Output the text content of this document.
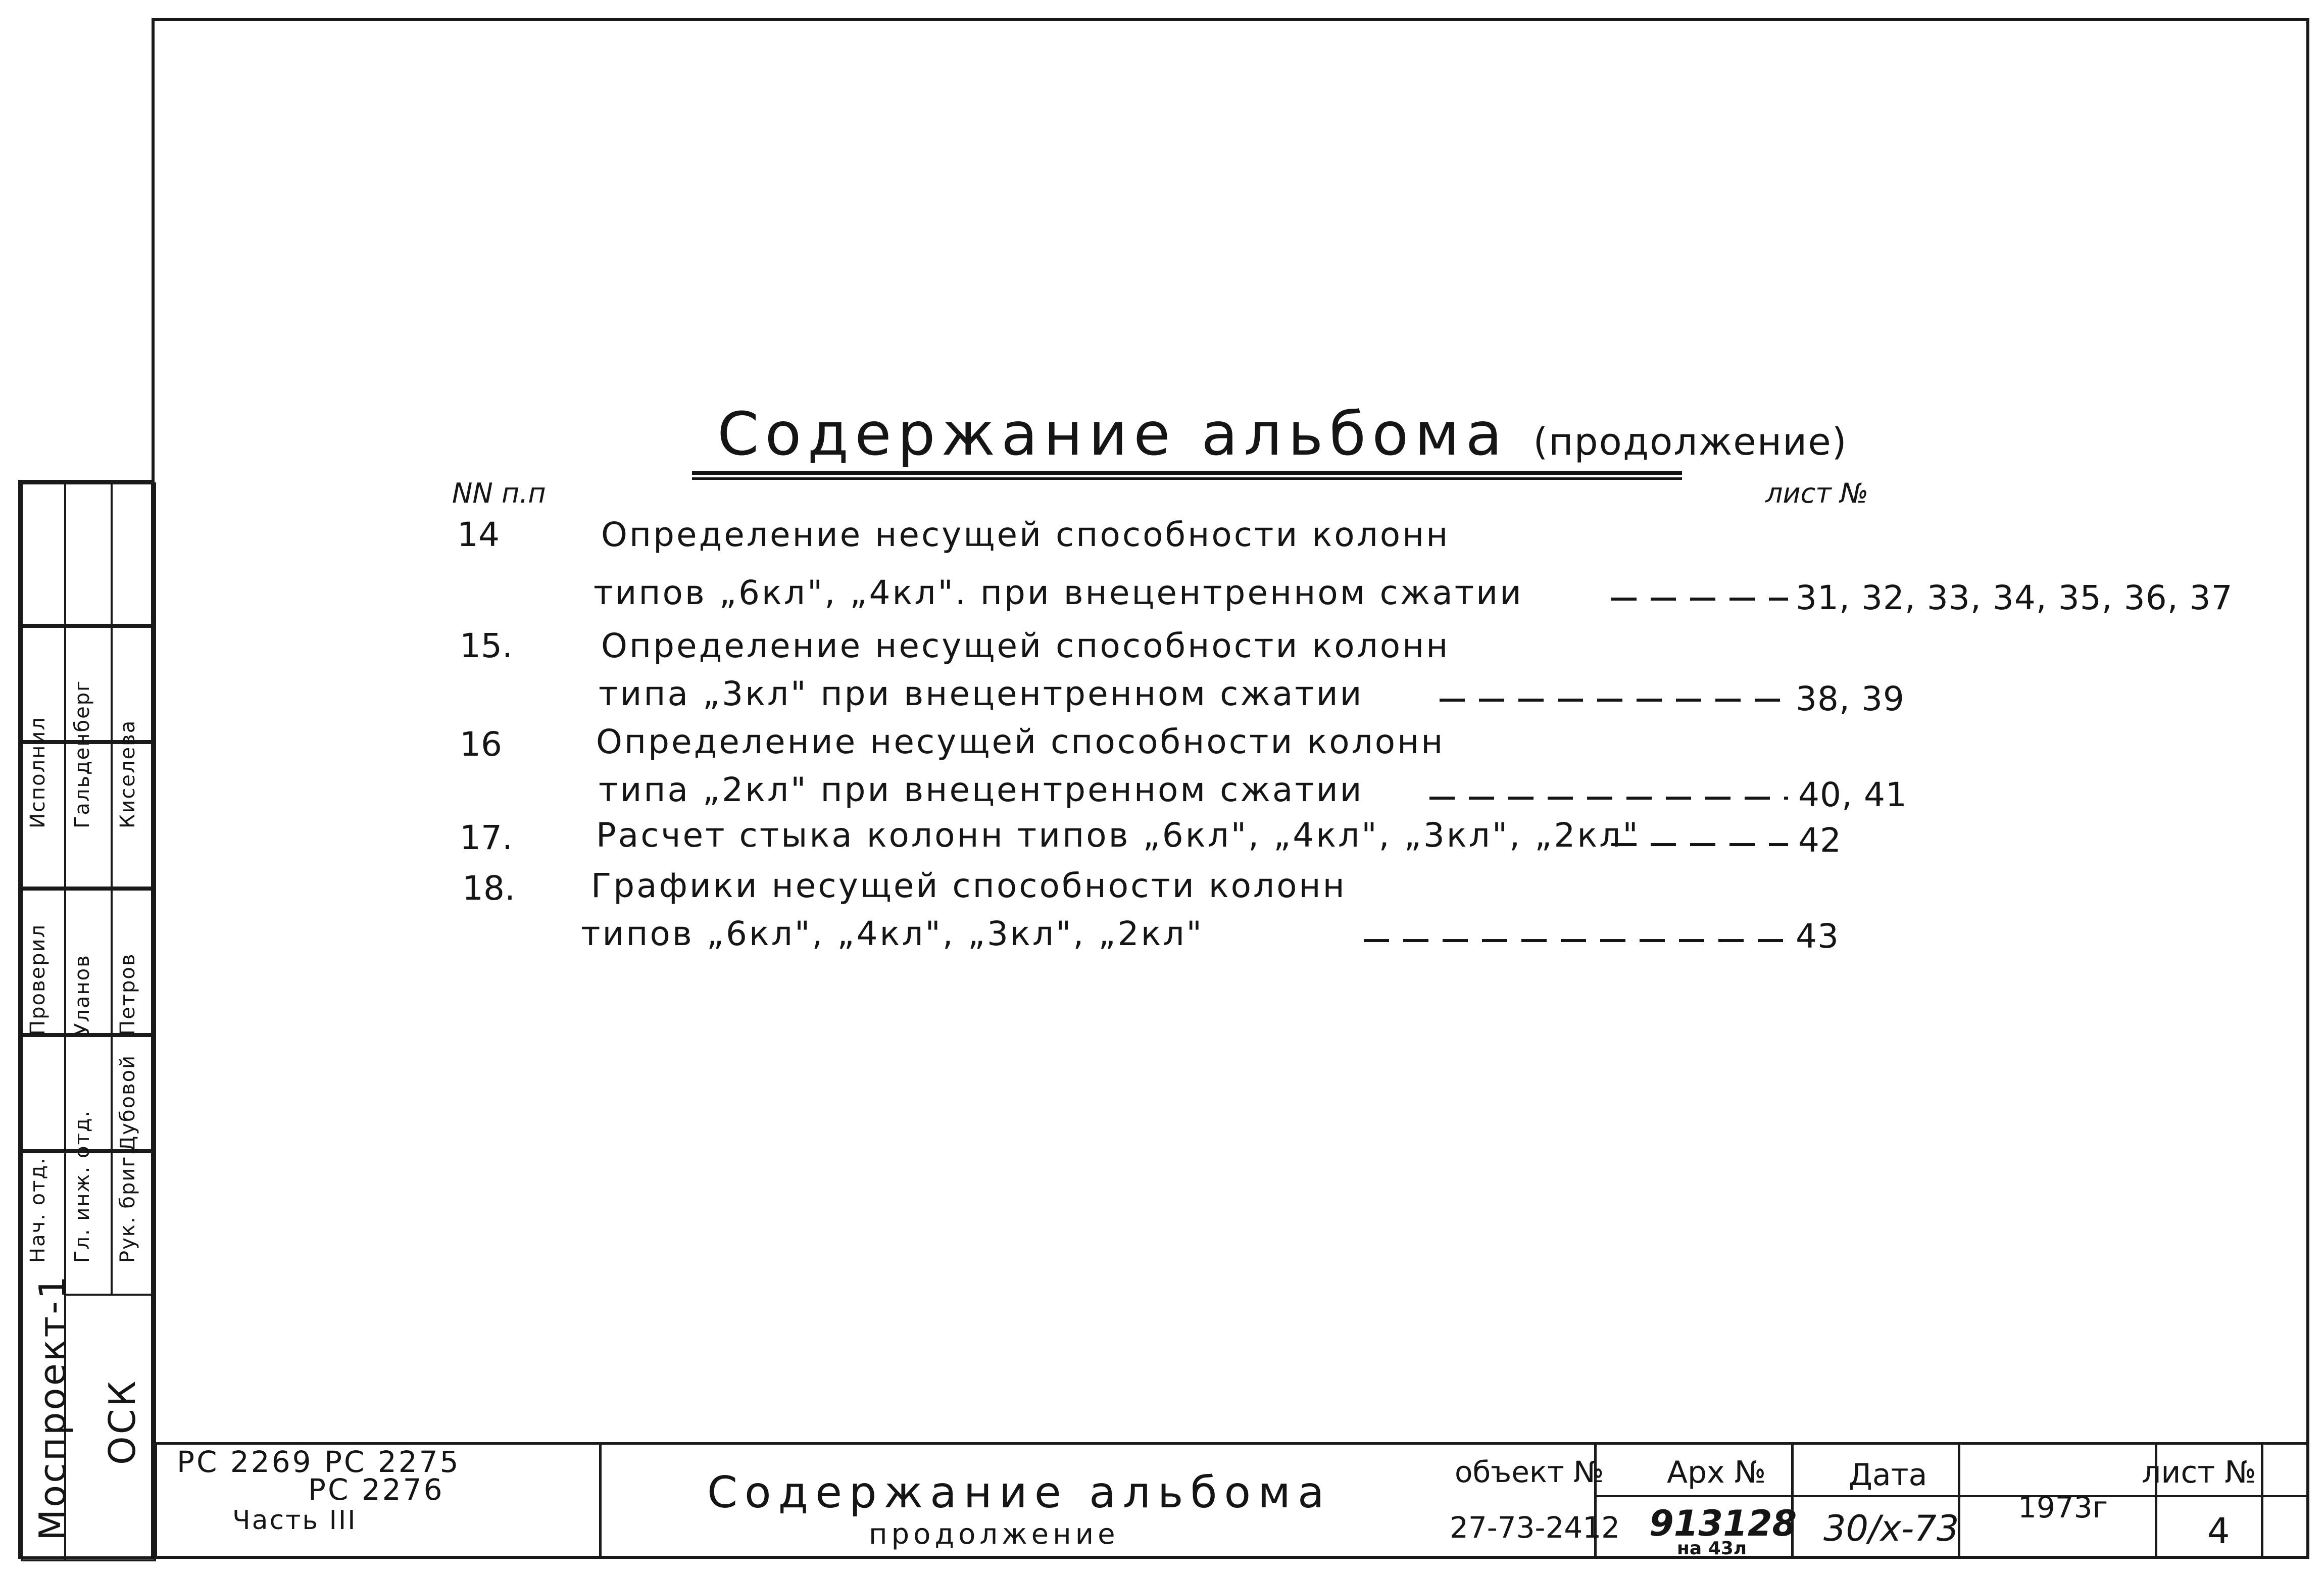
Содержание альбома (продолжение)
NN п.п	лист №
14	Определение несущей способности колонн
типов „6кл", „4кл". при внецентренном сжатии	31, 32, 33, 34, 35, 36, 37
15.	Определение несущей способности колонн
типа „3кл" при внецентренном сжатии	38, 39
16	Определение несущей способности колонн
типа „2кл" при внецентренном сжатии	40, 41
17.	Расчет стыка колонн типов „6кл", „4кл", „3кл", „2кл"	42
18. Графики несущей способности колонн
типов „6кл", „4кл", „3кл", „2кл"	43
Исполнил
Проверил
Нач. отд. Гл. инж. отд. Рук. бриг.
Уланов Петров
Гальденберг Киселева
Дубовой
Моспроект-1 ОСК РС 2269 РС 2275
РС 2276
Часть III
Содержание альбома
продолжение
объект №
27-73-2412
Арх №
913128
на 43л
Дата
30/х-73
1973г
лист №
4
